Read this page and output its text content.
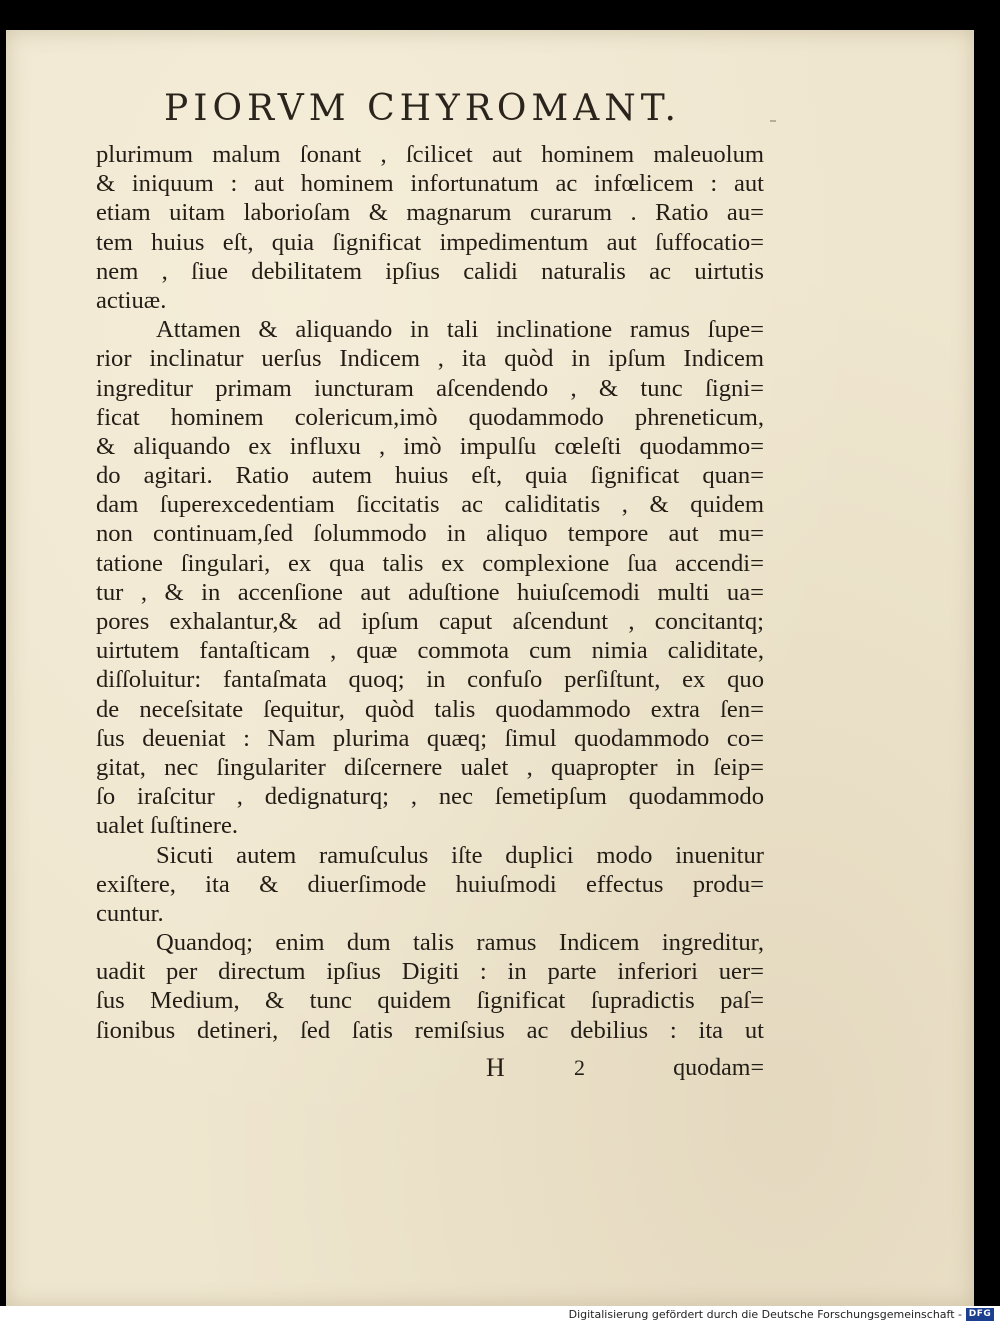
PIORVM CHYROMANT.
plurimum malum ſonant , ſcilicet aut hominem maleuolum
& iniquum : aut hominem infortunatum ac infœlicem : aut
etiam uitam laborioſam & magnarum curarum . Ratio au=
tem huius eſt, quia ſignificat impedimentum aut ſuffocatio=
nem , ſiue debilitatem ipſius calidi naturalis ac uirtutis
actiuæ.
Attamen & aliquando in tali inclinatione ramus ſupe=
rior inclinatur uerſus Indicem , ita quòd in ipſum Indicem
ingreditur primam iuncturam aſcendendo , & tunc ſigni=
ficat hominem colericum,imò quodammodo phreneticum,
& aliquando ex influxu , imò impulſu cœleſti quodammo=
do agitari. Ratio autem huius eſt, quia ſignificat quan=
dam ſuperexcedentiam ſiccitatis ac caliditatis , & quidem
non continuam,ſed ſolummodo in aliquo tempore aut mu=
tatione ſingulari, ex qua talis ex complexione ſua accendi=
tur , & in accenſione aut aduſtione huiuſcemodi multi ua=
pores exhalantur,& ad ipſum caput aſcendunt , concitantq;
uirtutem fantaſticam , quæ commota cum nimia caliditate,
diſſoluitur: fantaſmata quoq; in confuſo perſiſtunt, ex quo
de neceſsitate ſequitur, quòd talis quodammodo extra ſen=
ſus deueniat : Nam plurima quæq; ſimul quodammodo co=
gitat, nec ſingulariter diſcernere ualet , quapropter in ſeip=
ſo iraſcitur , dedignaturq; , nec ſemetipſum quodammodo
ualet ſuſtinere.
Sicuti autem ramuſculus iſte duplici modo inuenitur
exiſtere, ita & diuerſimode huiuſmodi effectus produ=
cuntur.
Quandoq; enim dum talis ramus Indicem ingreditur,
uadit per directum ipſius Digiti : in parte inferiori uer=
ſus Medium, & tunc quidem ſignificat ſupradictis paſ=
ſionibus detineri, ſed ſatis remiſsius ac debilius : ita ut
H	2	quodam=
Digitalisierung gefördert durch die Deutsche Forschungsgemeinschaft - DFG
